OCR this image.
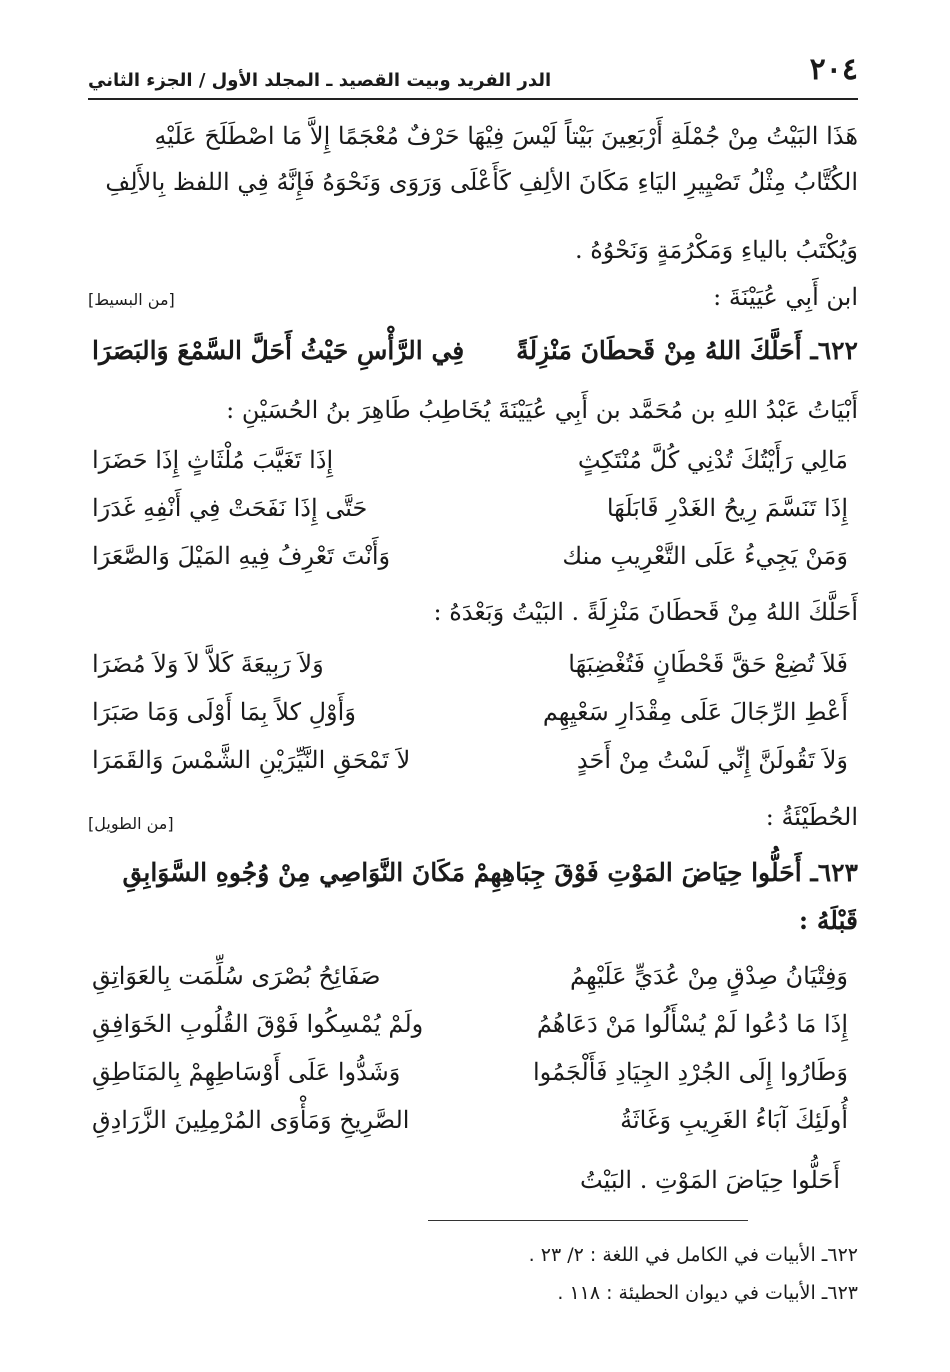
٢٠٤
الدر الفريد وبيت القصيد ـ المجلد الأول / الجزء الثاني
هَذَا البَيْتُ مِنْ جُمْلَةِ أَرْبَعِينَ بَيْتاً لَيْسَ فِيْهَا حَرْفٌ مُعْجَمًا إِلاَّ مَا اصْطَلَحَ عَلَيْهِ
الكُتَّابُ مِثْلُ تَصْيِيرِ اليَاءِ مَكَانَ الألِفِ كَأَعْلَى وَرَوَى وَنَحْوَهُ فَإِنَّهُ فِي اللفظ بِالأَلِفِ
وَيُكْتَبُ بالياءِ وَمَكْرُمَةٍ وَنَحْوُهُ .
ابن أَبِي عُيَيْنَةَ :
[من البسيط]
٦٢٢ـ أَحَلَّكَ اللهُ مِنْ قَحطَانَ مَنْزِلَةً
فِي الرَّأْسِ حَيْثُ أَحَلَّ السَّمْعَ وَالبَصَرَا
أَبْيَاتُ عَبْدُ اللهِ بن مُحَمَّد بن أَبِي عُيَيْنَةَ يُخَاطِبُ طَاهِرَ بنُ الحُسَيْنِ :
مَالِي رَأَيْتُكَ تُدْنِي كُلَّ مُنْتَكِثٍ
إِذَا تَغَيَّبَ مُلْثَاثٍ إِذَا حَضَرَا
إِذَا تَنَسَّمَ رِيحُ الغَدْرِ قَابَلَهَا
حَتَّى إِذَا نَفَحَتْ فِي أَنْفِهِ غَدَرَا
وَمَنْ يَجِيءُ عَلَى التَّعْرِيبِ منك
وَأَنْتَ تَعْرِفُ فِيهِ المَيْلَ وَالصَّعَرَا
أَحَلَّكَ اللهُ مِنْ قَحطَانَ مَنْزِلَةً . البَيْتُ وَبَعْدَهُ :
فَلاَ تُضِعْ حَقَّ قَحْطَانٍ فَتُغْضِبَهَا
وَلاَ رَبِيعَةَ كَلاَّ لاَ وَلاَ مُضَرَا
أَعْطِ الرِّجَالَ عَلَى مِقْدَارِ سَعْيِهِم
وَأَوْلِ كلاً بِمَا أَوْلَى وَمَا صَبَرَا
وَلاَ تَقُولَنَّ إِنِّي لَسْتُ مِنْ أَحَدٍ
لاَ تَمْحَقِ النَّيِّرَيْنِ الشَّمْسَ وَالقَمَرَا
الحُطَيْئَةُ :
[من الطويل]
٦٢٣ـ أَحَلُّوا حِيَاضَ المَوْتِ فَوْقَ جِبَاهِهِمْ مَكَانَ النَّوَاصِي مِنْ وُجُوهِ السَّوَابِقِ
قَبْلَهُ :
وَفِتْيَانُ صِدْقٍ مِنْ عُدَيٍّ عَلَيْهِمُ
صَفَائِحُ بُصْرَى سُلِّمَت بِالعَوَاتِقِ
إِذَا مَا دُعُوا لَمْ يُسْأَلُوا مَنْ دَعَاهُمُ
ولَمْ يُمْسِكُوا فَوْقَ القُلُوبِ الخَوَافِقِ
وَطَارُوا إِلَى الجُرْدِ الجِيَادِ فَأَلْجَمُوا
وَشَدُّوا عَلَى أَوْسَاطِهِمْ بِالمَنَاطِقِ
أُولَئِكَ آبَاءُ الغَرِيبِ وَغَاثَةُ
الصَّرِيخِ وَمَأْوَى المُرْمِلِينَ الزَّرَادِقِ
أَحَلُّوا حِيَاضَ المَوْتِ . البَيْتُ
٦٢٢ـ الأبيات في الكامل في اللغة : ٢/ ٢٣ .
٦٢٣ـ الأبيات في ديوان الحطيئة : ١١٨ .
